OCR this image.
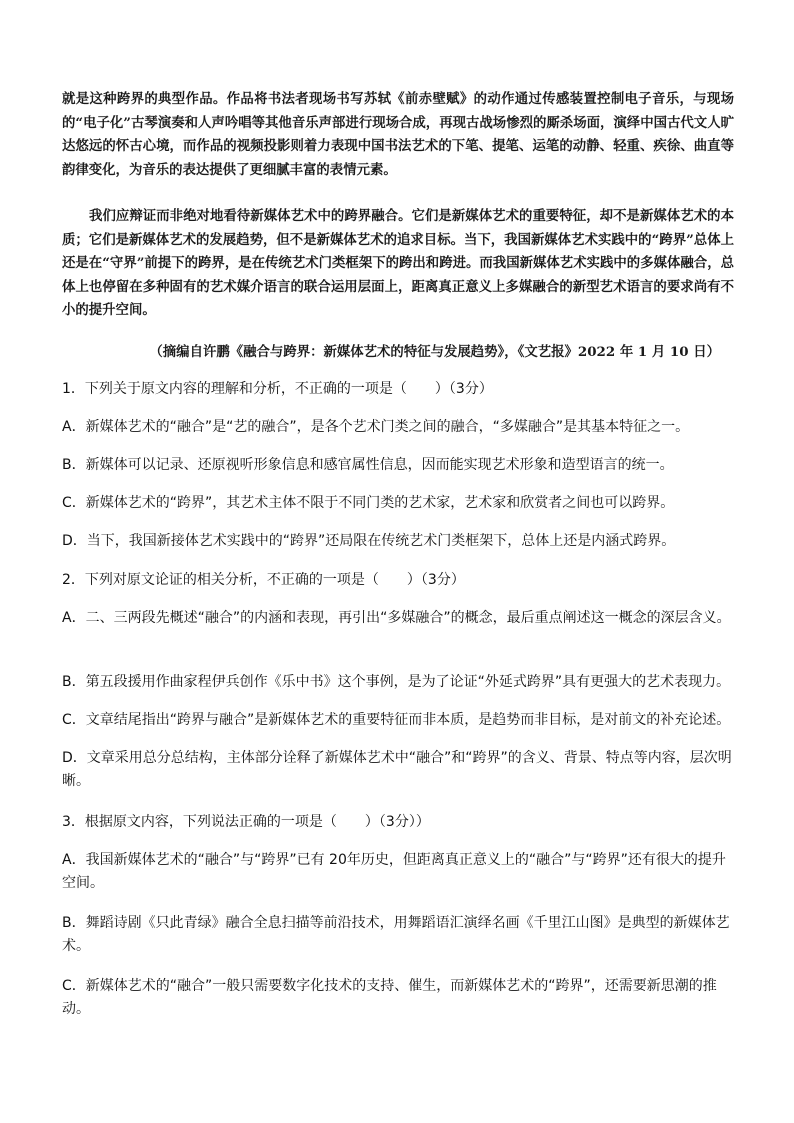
就是这种跨界的典型作品。作品将书法者现场书写苏轼《前赤壁赋》的动作通过传感装置控制电子音乐，与现场的“电子化”古琴演奏和人声吟唱等其他音乐声部进行现场合成，再现古战场惨烈的厮杀场面，演绎中国古代文人旷达悠远的怀古心境，而作品的视频投影则着力表现中国书法艺术的下笔、提笔、运笔的动静、轻重、疾徐、曲直等韵律变化，为音乐的表达提供了更细腻丰富的表情元素。

我们应辩证而非绝对地看待新媒体艺术中的跨界融合。它们是新媒体艺术的重要特征，却不是新媒体艺术的本质；它们是新媒体艺术的发展趋势，但不是新媒体艺术的追求目标。当下，我国新媒体艺术实践中的“跨界”总体上还是在“守界”前提下的跨界，是在传统艺术门类框架下的跨出和跨进。而我国新媒体艺术实践中的多媒体融合，总体上也停留在多种固有的艺术媒介语言的联合运用层面上，距离真正意义上多媒融合的新型艺术语言的要求尚有不小的提升空间。

（摘编自许鹏《融合与跨界：新媒体艺术的特征与发展趋势》，《文艺报》2022 年 1 月 10 日）

1．下列关于原文内容的理解和分析，不正确的一项是（　　）（3分）

A．新媒体艺术的“融合”是“艺的融合”，是各个艺术门类之间的融合，“多媒融合”是其基本特征之一。

B．新媒体可以记录、还原视听形象信息和感官属性信息，因而能实现艺术形象和造型语言的统一。

C．新媒体艺术的“跨界”，其艺术主体不限于不同门类的艺术家，艺术家和欣赏者之间也可以跨界。

D．当下，我国新接体艺术实践中的“跨界”还局限在传统艺术门类框架下，总体上还是内涵式跨界。

2．下列对原文论证的相关分析，不正确的一项是（　　）（3分）

A．二、三两段先概述“融合”的内涵和表现，再引出“多媒融合”的概念，最后重点阐述这一概念的深层含义。

B．第五段援用作曲家程伊兵创作《乐中书》这个事例，是为了论证“外延式跨界”具有更强大的艺术表现力。

C．文章结尾指出“跨界与融合”是新媒体艺术的重要特征而非本质，是趋势而非目标，是对前文的补充论述。

D．文章采用总分总结构，主体部分诠释了新媒体艺术中“融合”和“跨界”的含义、背景、特点等内容，层次明晰。

3．根据原文内容，下列说法正确的一项是（　　）（3分））

A．我国新媒体艺术的“融合”与“跨界”已有 20年历史，但距离真正意义上的“融合”与“跨界”还有很大的提升空间。

B．舞蹈诗剧《只此青绿》融合全息扫描等前沿技术，用舞蹈语汇演绎名画《千里江山图》是典型的新媒体艺术。

C．新媒体艺术的“融合”一般只需要数字化技术的支持、催生，而新媒体艺术的“跨界”，还需要新思潮的推动。
